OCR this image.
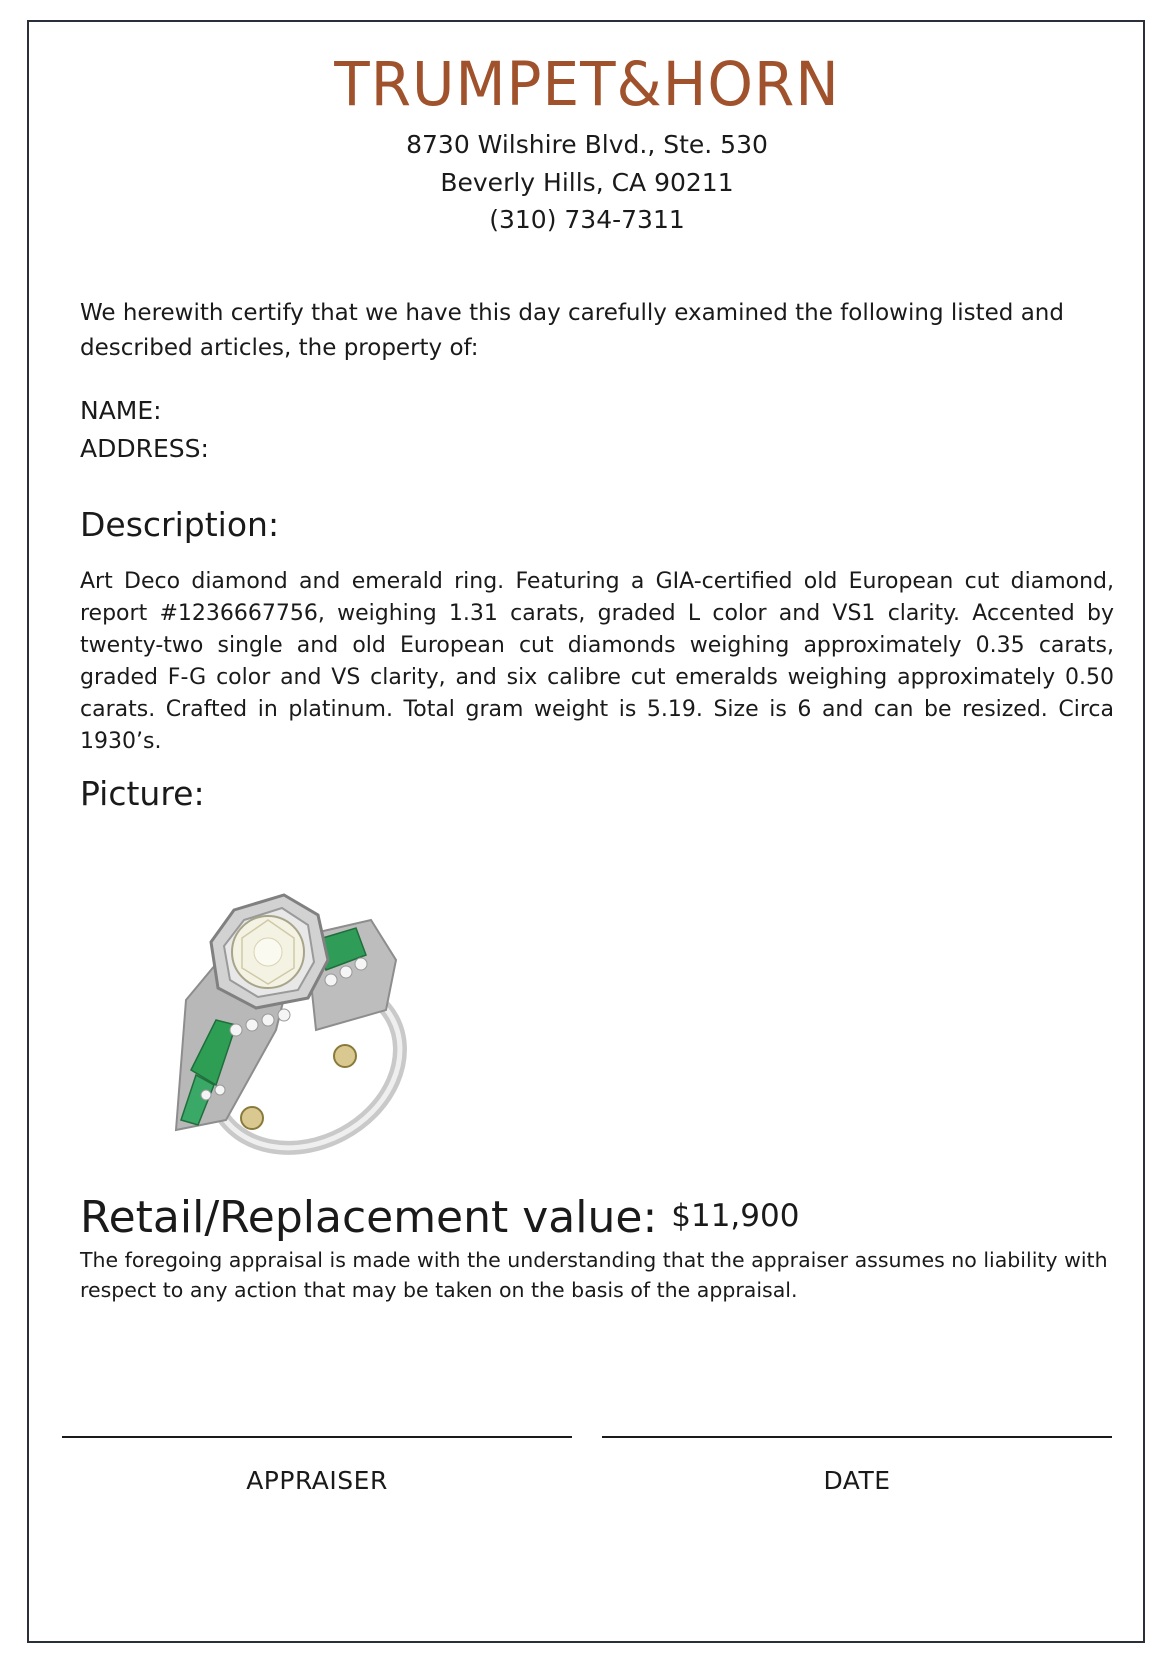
TRUMPET&HORN
8730 Wilshire Blvd., Ste. 530
Beverly Hills, CA 90211
(310) 734-7311
We herewith certify that we have this day carefully examined the following listed and described articles, the property of:
NAME:
ADDRESS:
Description:
Art Deco diamond and emerald ring. Featuring a GIA-certified old European cut diamond, report #1236667756, weighing 1.31 carats, graded L color and VS1 clarity. Accented by twenty-two single and old European cut diamonds weighing approximately 0.35 carats, graded F-G color and VS clarity, and six calibre cut emeralds weighing approximately 0.50 carats. Crafted in platinum. Total gram weight is 5.19. Size is 6 and can be resized. Circa 1930’s.
Picture:
Retail/Replacement value: $11,900
The foregoing appraisal is made with the understanding that the appraiser assumes no liability with respect to any action that may be taken on the basis of the appraisal.
APPRAISER	DATE
